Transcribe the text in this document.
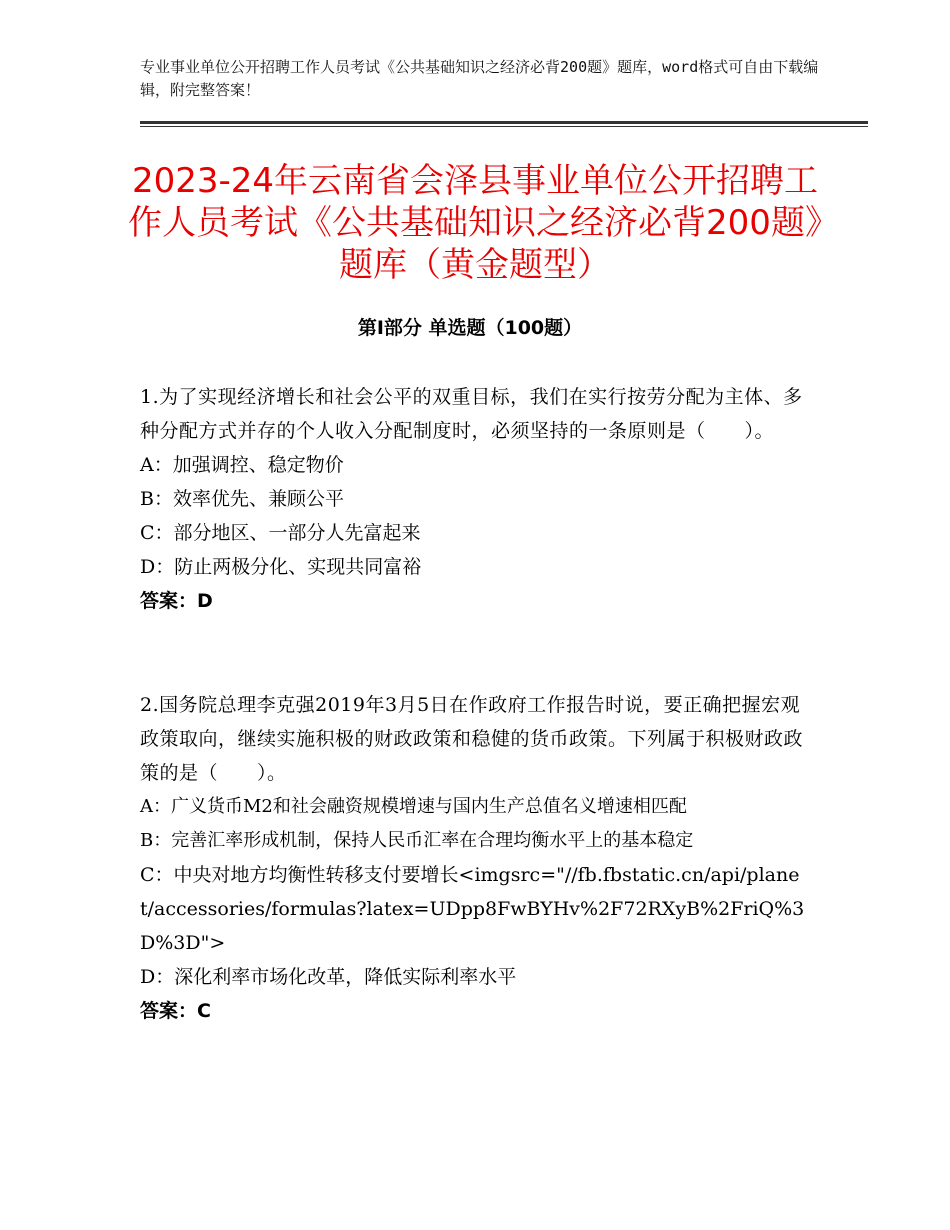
专业事业单位公开招聘工作人员考试《公共基础知识之经济必背200题》题库，word格式可自由下载编辑，附完整答案！
2023-24年云南省会泽县事业单位公开招聘工作人员考试《公共基础知识之经济必背200题》题库（黄金题型）
第Ⅰ部分 单选题（100题）
1.为了实现经济增长和社会公平的双重目标，我们在实行按劳分配为主体、多种分配方式并存的个人收入分配制度时，必须坚持的一条原则是（　　）。
A：加强调控、稳定物价
B：效率优先、兼顾公平
C：部分地区、一部分人先富起来
D：防止两极分化、实现共同富裕
答案：D
2.国务院总理李克强2019年3月5日在作政府工作报告时说，要正确把握宏观政策取向，继续实施积极的财政政策和稳健的货币政策。下列属于积极财政政策的是（　　）。
A：广义货币M2和社会融资规模增速与国内生产总值名义增速相匹配
B：完善汇率形成机制，保持人民币汇率在合理均衡水平上的基本稳定
C：中央对地方均衡性转移支付要增长<imgsrc="//fb.fbstatic.cn/api/planet/accessories/formulas?latex=UDpp8FwBYHv%2F72RXyB%2FriQ%3D%3D">
D：深化利率市场化改革，降低实际利率水平
答案：C
